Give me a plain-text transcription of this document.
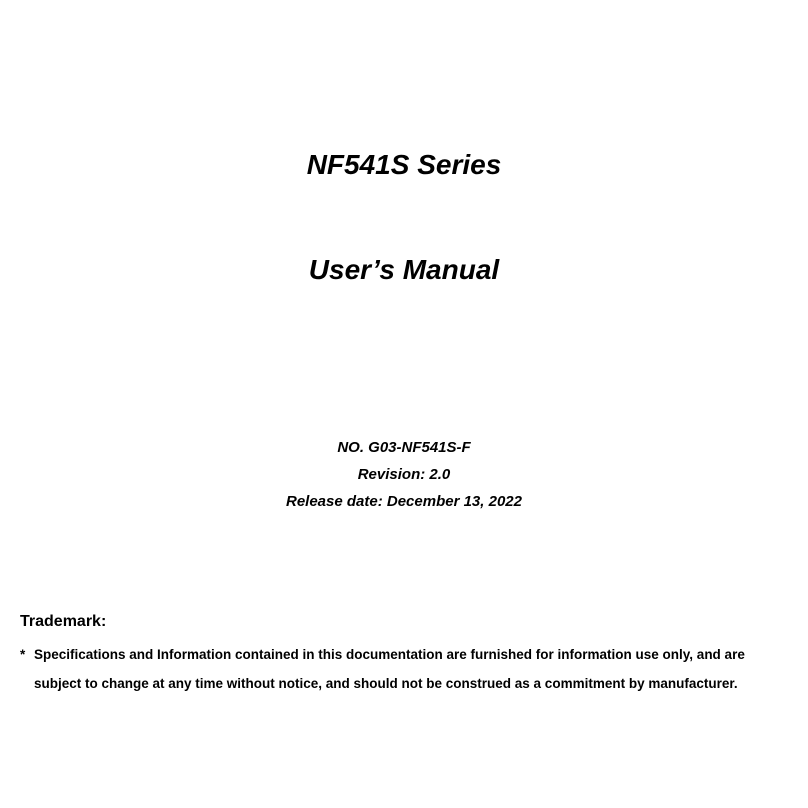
NF541S Series
User’s Manual
NO. G03-NF541S-F
Revision: 2.0
Release date: December 13, 2022
Trademark:
* Specifications and Information contained in this documentation are furnished for information use only, and are
subject to change at any time without notice, and should not be construed as a commitment by manufacturer.
